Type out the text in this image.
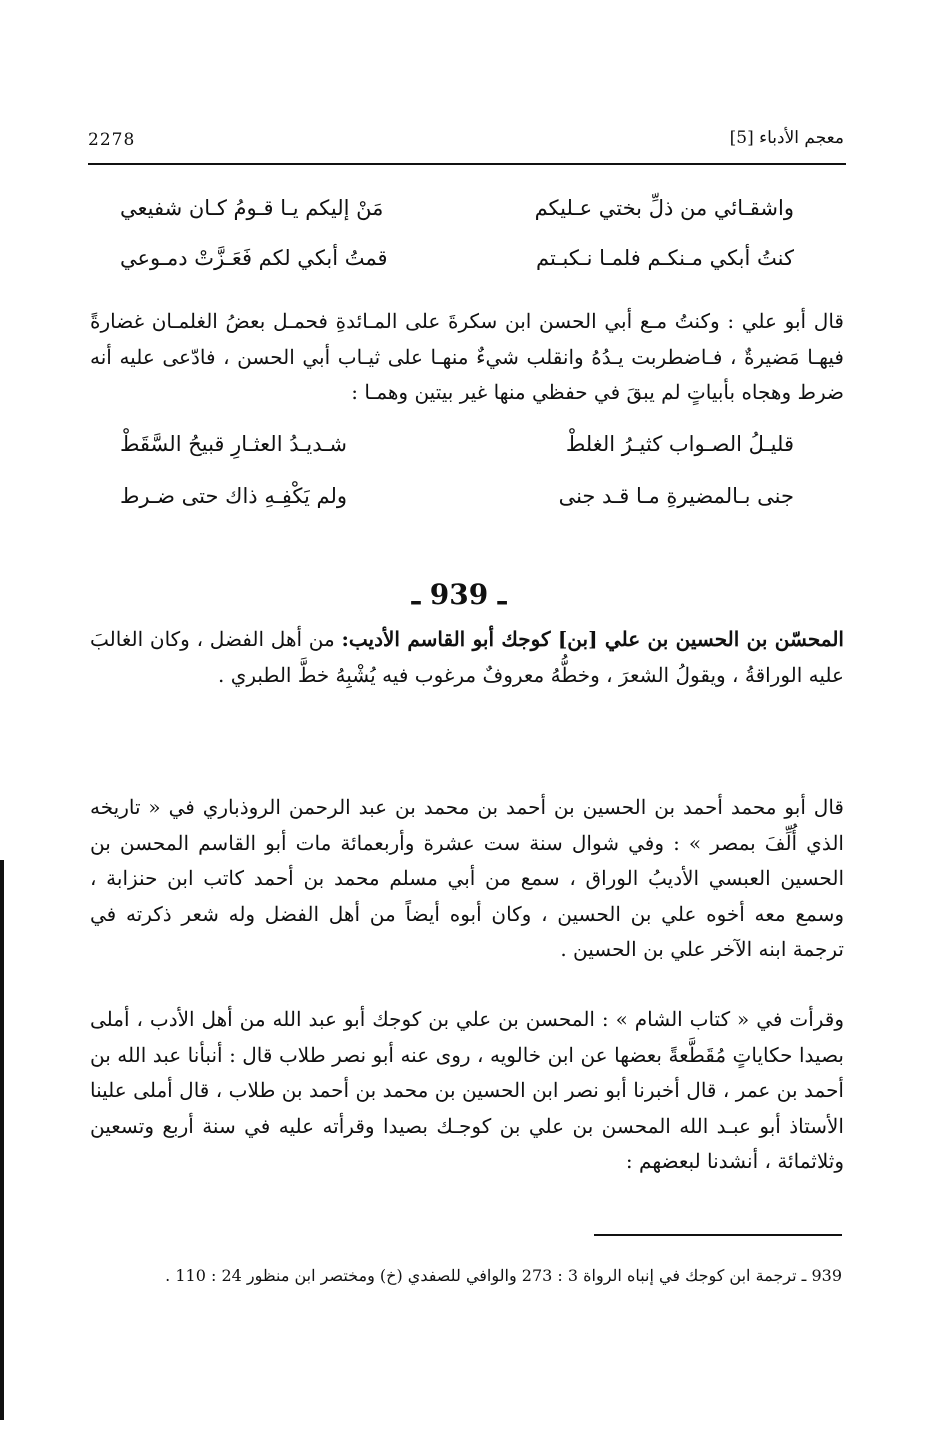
2278	معجم الأدباء [5]
واشقـائي من ذلِّ بختي عـليكم
مَنْ إليكم يـا قـومُ كـان شفيعي
كنتُ أبكي مـنكـم فلمـا نـكبـتم
قمتُ أبكي لكم فَعَـزَّتْ دمـوعي

قال أبو علي : وكنتُ مـع أبي الحسن ابن سكرةَ على المـائدةِ فحمـل بعضُ الغلمـان غضارةً فيهـا مَضيرةٌ ، فـاضطربت يـدُهُ وانقلب شيءٌ منهـا على ثيـاب أبي الحسن ، فادّعى عليه أنه ضرط وهجاه بأبياتٍ لم يبقَ في حفظي منها غير بيتين وهمـا :

قليـلُ الصـواب كثيـرُ الغلطْ
شـديـدُ العثـارِ قبيحُ السَّقَطْ
جنى بـالمضيرةِ مـا قـد جنى
ولم يَكْفِـهِ ذاك حتى ضـرط
ـ 939 ـ

المحسّن بن الحسين بن علي [بن] كوجك أبو القاسم الأديب: من أهل الفضل ، وكان الغالبَ عليه الوراقةُ ، ويقولُ الشعرَ ، وخطُّهُ معروفٌ مرغوب فيه يُشْبِهُ خطَّ الطبري .

قال أبو محمد أحمد بن الحسين بن أحمد بن محمد بن عبد الرحمن الروذباري في « تاريخه الذي أُلِّفَ بمصر » : وفي شوال سنة ست عشرة وأربعمائة مات أبو القاسم المحسن بن الحسين العبسي الأديبُ الوراق ، سمع من أبي مسلم محمد بن أحمد كاتب ابن حنزابة ، وسمع معه أخوه علي بن الحسين ، وكان أبوه أيضاً من أهل الفضل وله شعر ذكرته في ترجمة ابنه الآخر علي بن الحسين .

وقرأت في « كتاب الشام » : المحسن بن علي بن كوجك أبو عبد الله من أهل الأدب ، أملى بصيدا حكاياتٍ مُقَطَّعةً بعضها عن ابن خالويه ، روى عنه أبو نصر طلاب قال : أنبأنا عبد الله بن أحمد بن عمر ، قال أخبرنا أبو نصر ابن الحسين بن محمد بن أحمد بن طلاب ، قال أملى علينا الأستاذ أبو عبـد الله المحسن بن علي بن كوجـك بصيدا وقرأته عليه في سنة أربع وتسعين وثلاثمائة ، أنشدنا لبعضهم :

939 ـ ترجمة ابن كوجك في إنباه الرواة 3 : 273 والوافي للصفدي (خ) ومختصر ابن منظور 24 : 110 .
